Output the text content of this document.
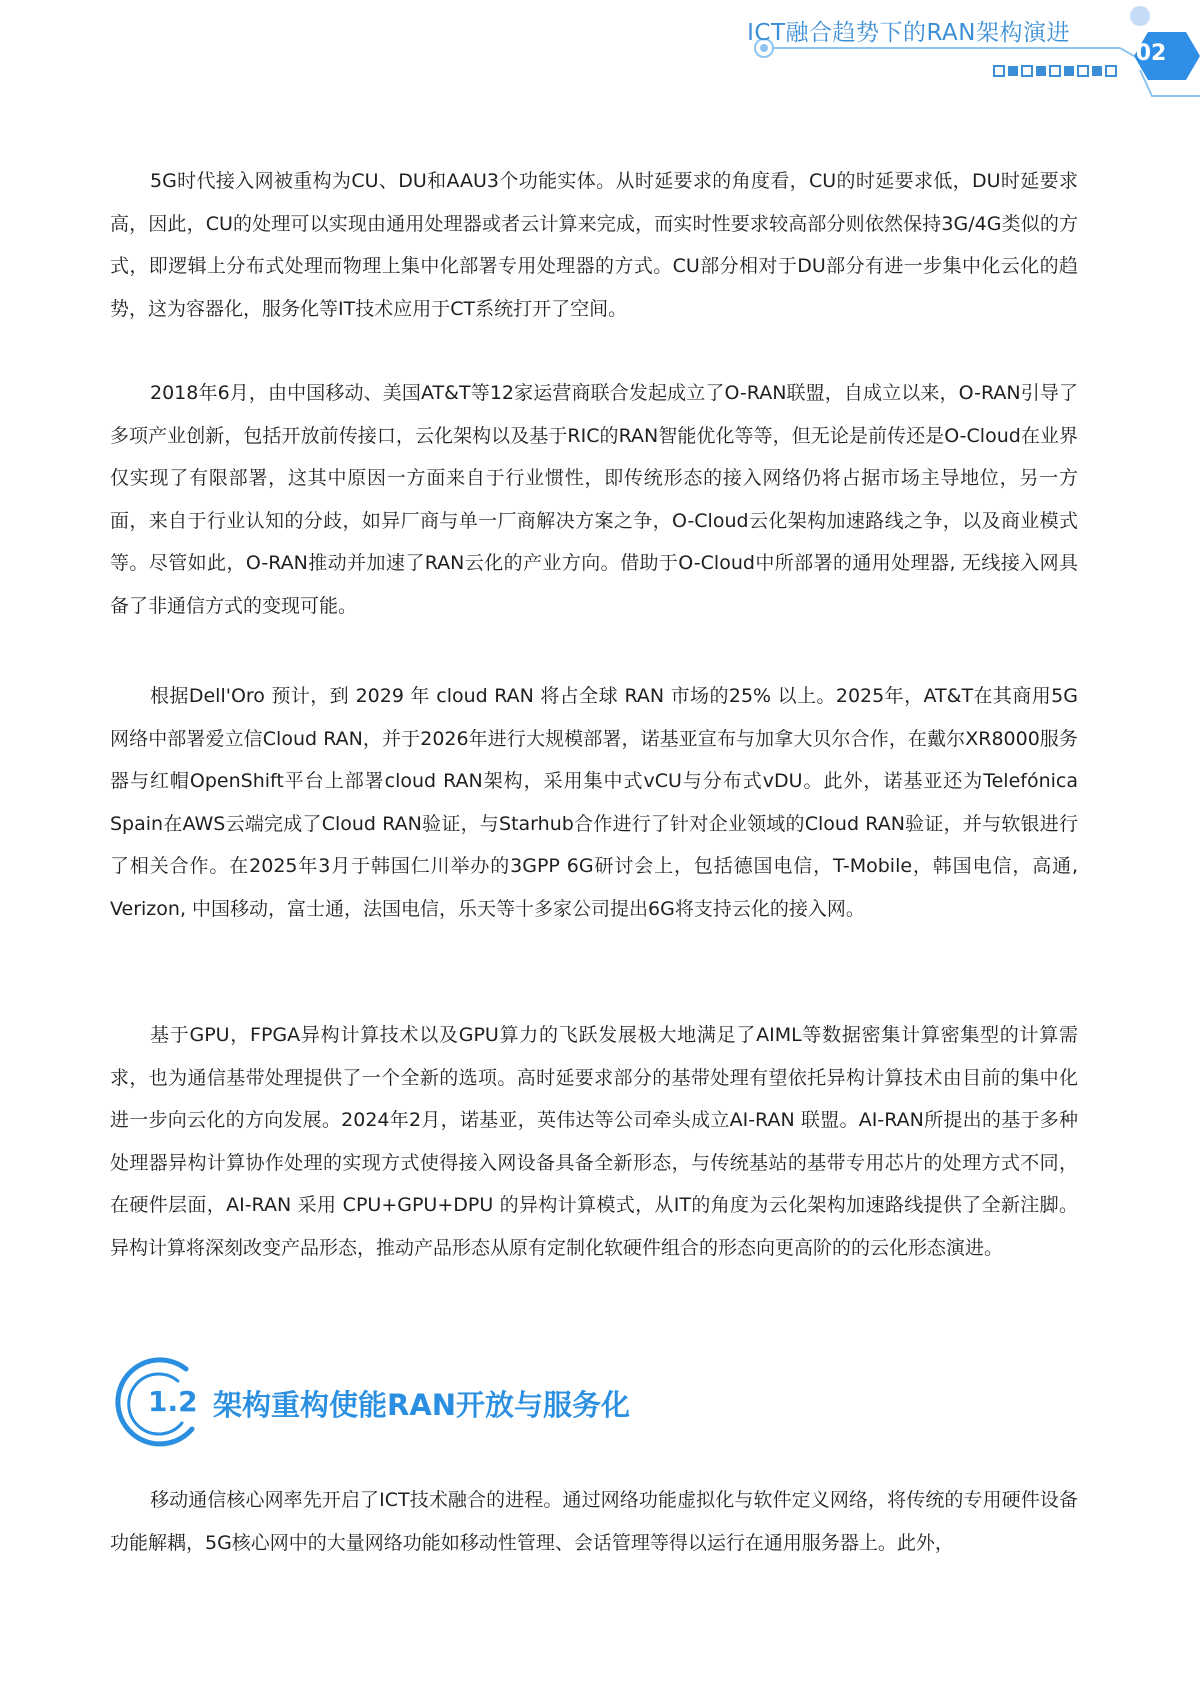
ICT融合趋势下的RAN架构演进
02

5G时代接入网被重构为CU、DU和AAU3个功能实体。从时延要求的角度看，CU的时延要求低，DU时延要求高，因此，CU的处理可以实现由通用处理器或者云计算来完成，而实时性要求较高部分则依然保持3G/4G类似的方式，即逻辑上分布式处理而物理上集中化部署专用处理器的方式。CU部分相对于DU部分有进一步集中化云化的趋势，这为容器化，服务化等IT技术应用于CT系统打开了空间。

2018年6月，由中国移动、美国AT&T等12家运营商联合发起成立了O-RAN联盟，自成立以来，O-RAN引导了多项产业创新，包括开放前传接口，云化架构以及基于RIC的RAN智能优化等等，但无论是前传还是O-Cloud在业界仅实现了有限部署，这其中原因一方面来自于行业惯性，即传统形态的接入网络仍将占据市场主导地位，另一方面，来自于行业认知的分歧，如异厂商与单一厂商解决方案之争，O-Cloud云化架构加速路线之争，以及商业模式等。尽管如此，O-RAN推动并加速了RAN云化的产业方向。借助于O-Cloud中所部署的通用处理器, 无线接入网具备了非通信方式的变现可能。

根据Dell'Oro 预计，到 2029 年 cloud RAN 将占全球 RAN 市场的25% 以上。2025年，AT&T在其商用5G网络中部署爱立信Cloud RAN，并于2026年进行大规模部署，诺基亚宣布与加拿大贝尔合作，在戴尔XR8000服务器与红帽OpenShift平台上部署cloud RAN架构，采用集中式vCU与分布式vDU。此外，诺基亚还为Telefónica Spain在AWS云端完成了Cloud RAN验证，与Starhub合作进行了针对企业领域的Cloud RAN验证，并与软银进行了相关合作。在2025年3月于韩国仁川举办的3GPP 6G研讨会上，包括德国电信，T-Mobile，韩国电信，高通, Verizon, 中国移动，富士通，法国电信，乐天等十多家公司提出6G将支持云化的接入网。

基于GPU，FPGA异构计算技术以及GPU算力的飞跃发展极大地满足了AIML等数据密集计算密集型的计算需求，也为通信基带处理提供了一个全新的选项。高时延要求部分的基带处理有望依托异构计算技术由目前的集中化进一步向云化的方向发展。2024年2月，诺基亚，英伟达等公司牵头成立AI-RAN 联盟。AI-RAN所提出的基于多种处理器异构计算协作处理的实现方式使得接入网设备具备全新形态，与传统基站的基带专用芯片的处理方式不同，在硬件层面，AI-RAN 采用 CPU+GPU+DPU 的异构计算模式，从IT的角度为云化架构加速路线提供了全新注脚。异构计算将深刻改变产品形态，推动产品形态从原有定制化软硬件组合的形态向更高阶的的云化形态演进。

1.2 架构重构使能RAN开放与服务化

移动通信核心网率先开启了ICT技术融合的进程。通过网络功能虚拟化与软件定义网络，将传统的专用硬件设备功能解耦，5G核心网中的大量网络功能如移动性管理、会话管理等得以运行在通用服务器上。此外，
